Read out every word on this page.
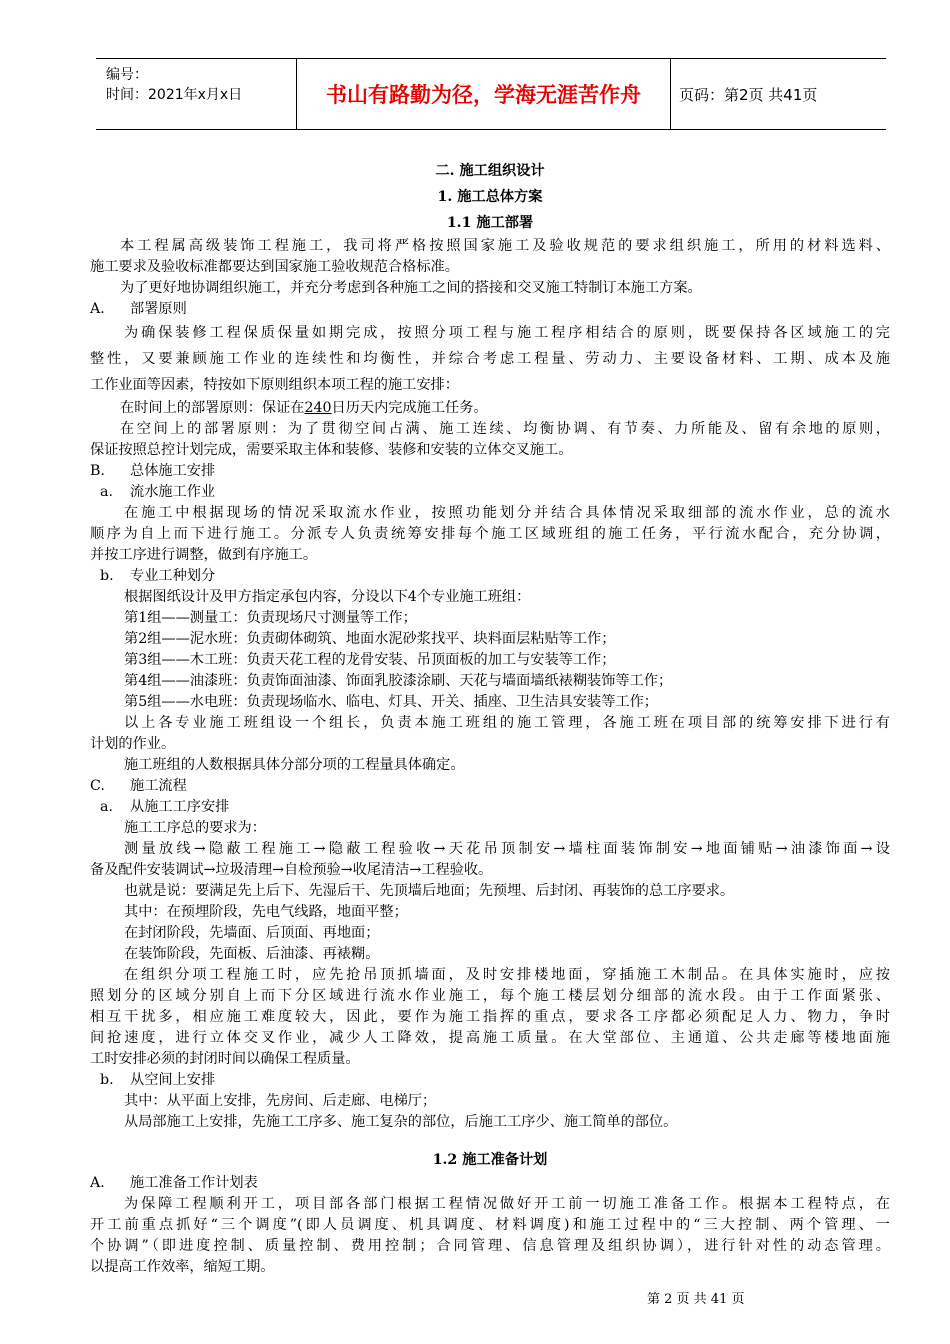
编号：
时间：2021年x月x日	书山有路勤为径，学海无涯苦作舟	页码：第2页 共41页
二. 施工组织设计
1. 施工总体方案
1.1 施工部署
本工程属高级装饰工程施工，我司将严格按照国家施工及验收规范的要求组织施工，所用的材料选料、
施工要求及验收标准都要达到国家施工验收规范合格标准。
为了更好地协调组织施工，并充分考虑到各种施工之间的搭接和交叉施工特制订本施工方案。
A. 部署原则
为确保装修工程保质保量如期完成，按照分项工程与施工程序相结合的原则，既要保持各区域施工的完
整性，又要兼顾施工作业的连续性和均衡性，并综合考虑工程量、劳动力、主要设备材料、工期、成本及施
工作业面等因素，特按如下原则组织本项工程的施工安排：
在时间上的部署原则：保证在240日历天内完成施工任务。
在空间上的部署原则：为了贯彻空间占满、施工连续、均衡协调、有节奏、力所能及、留有余地的原则，
保证按照总控计划完成，需要采取主体和装修、装修和安装的立体交叉施工。
B. 总体施工安排
a. 流水施工作业
在施工中根据现场的情况采取流水作业，按照功能划分并结合具体情况采取细部的流水作业，总的流水
顺序为自上而下进行施工。分派专人负责统筹安排每个施工区域班组的施工任务，平行流水配合，充分协调，
并按工序进行调整，做到有序施工。
b. 专业工种划分
根据图纸设计及甲方指定承包内容，分设以下4个专业施工班组：
第1组——测量工：负责现场尺寸测量等工作；
第2组——泥水班：负责砌体砌筑、地面水泥砂浆找平、块料面层粘贴等工作；
第3组——木工班：负责天花工程的龙骨安装、吊顶面板的加工与安装等工作；
第4组——油漆班：负责饰面油漆、饰面乳胶漆涂刷、天花与墙面墙纸裱糊装饰等工作；
第5组——水电班：负责现场临水、临电、灯具、开关、插座、卫生洁具安装等工作；
以上各专业施工班组设一个组长，负责本施工班组的施工管理，各施工班在项目部的统筹安排下进行有
计划的作业。
施工班组的人数根据具体分部分项的工程量具体确定。
C. 施工流程
a. 从施工工序安排
施工工序总的要求为：
测量放线→隐蔽工程施工→隐蔽工程验收→天花吊顶制安→墙柱面装饰制安→地面铺贴→油漆饰面→设
备及配件安装调试→垃圾清理→自检预验→收尾清洁→工程验收。
也就是说：要满足先上后下、先湿后干、先顶墙后地面；先预埋、后封闭、再装饰的总工序要求。
其中：在预埋阶段，先电气线路，地面平整；
在封闭阶段，先墙面、后顶面、再地面；
在装饰阶段，先面板、后油漆、再裱糊。
在组织分项工程施工时，应先抢吊顶抓墙面，及时安排楼地面，穿插施工木制品。在具体实施时，应按
照划分的区域分别自上而下分区域进行流水作业施工，每个施工楼层划分细部的流水段。由于工作面紧张、
相互干扰多，相应施工难度较大，因此，要作为施工指挥的重点，要求各工序都必须配足人力、物力，争时
间抢速度，进行立体交叉作业，减少人工降效，提高施工质量。在大堂部位、主通道、公共走廊等楼地面施
工时安排必须的封闭时间以确保工程质量。
b. 从空间上安排
其中：从平面上安排，先房间、后走廊、电梯厅；
从局部施工上安排，先施工工序多、施工复杂的部位，后施工工序少、施工简单的部位。
1.2 施工准备计划
A. 施工准备工作计划表
为保障工程顺利开工，项目部各部门根据工程情况做好开工前一切施工准备工作。根据本工程特点，在
开工前重点抓好“三个调度”(即人员调度、机具调度、材料调度)和施工过程中的“三大控制、两个管理、一
个协调”（即进度控制、质量控制、费用控制；合同管理、信息管理及组织协调），进行针对性的动态管理。
以提高工作效率，缩短工期。
第 2 页 共 41 页
